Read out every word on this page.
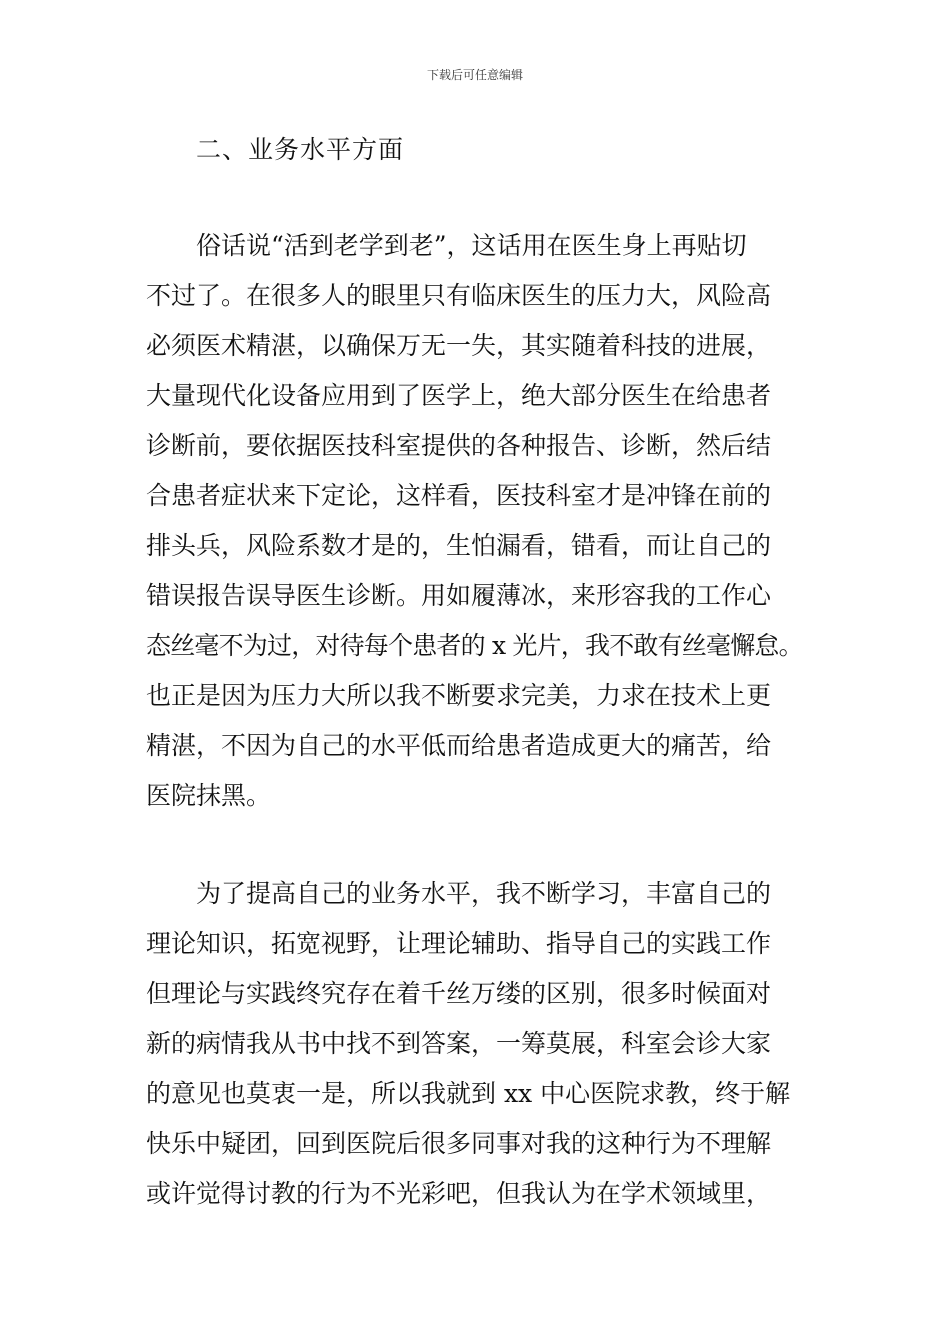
下载后可任意编辑
二、业务水平方面
俗话说“活到老学到老”，这话用在医生身上再贴切
不过了。在很多人的眼里只有临床医生的压力大，风险高
必须医术精湛，以确保万无一失，其实随着科技的进展，
大量现代化设备应用到了医学上，绝大部分医生在给患者
诊断前，要依据医技科室提供的各种报告、诊断，然后结
合患者症状来下定论，这样看，医技科室才是冲锋在前的
排头兵，风险系数才是的，生怕漏看，错看，而让自己的
错误报告误导医生诊断。用如履薄冰，来形容我的工作心
态丝毫不为过，对待每个患者的 x 光片，我不敢有丝毫懈怠。
也正是因为压力大所以我不断要求完美，力求在技术上更
精湛，不因为自己的水平低而给患者造成更大的痛苦，给
医院抹黑。
为了提高自己的业务水平，我不断学习，丰富自己的
理论知识，拓宽视野，让理论辅助、指导自己的实践工作
但理论与实践终究存在着千丝万缕的区别，很多时候面对
新的病情我从书中找不到答案，一筹莫展，科室会诊大家
的意见也莫衷一是，所以我就到 xx 中心医院求教，终于解
快乐中疑团，回到医院后很多同事对我的这种行为不理解
或许觉得讨教的行为不光彩吧，但我认为在学术领域里，
